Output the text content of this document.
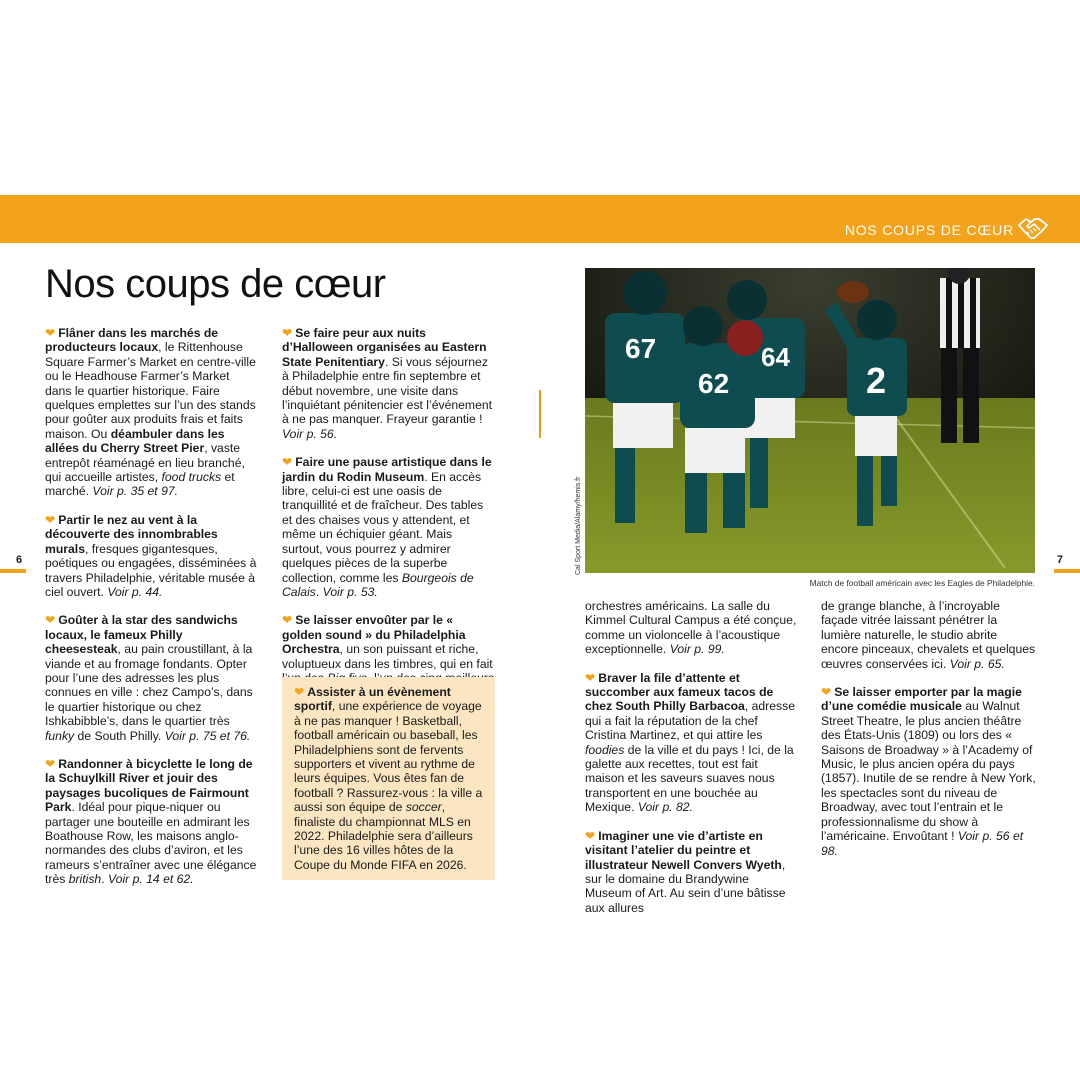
NOS COUPS DE CŒUR
6	7
Nos coups de cœur

❤ Flâner dans les marchés de producteurs locaux, le Rittenhouse Square Farmer’s Market en centre-ville ou le Headhouse Farmer’s Market dans le quartier historique. Faire quelques emplettes sur l’un des stands pour goûter aux produits frais et faits maison. Ou déambuler dans les allées du Cherry Street Pier, vaste entrepôt réaménagé en lieu branché, qui accueille artistes, food trucks et marché. Voir p. 35 et 97.

❤ Partir le nez au vent à la découverte des innombrables murals, fresques gigantesques, poétiques ou engagées, disséminées à travers Philadelphie, véritable musée à ciel ouvert. Voir p. 44.

❤ Goûter à la star des sandwichs locaux, le fameux Philly cheesesteak, au pain croustillant, à la viande et au fromage fondants. Opter pour l’une des adresses les plus connues en ville : chez Campo’s, dans le quartier historique ou chez Ishkabibble’s, dans le quartier très funky de South Philly. Voir p. 75 et 76.

❤ Randonner à bicyclette le long de la Schuylkill River et jouir des paysages bucoliques de Fairmount Park. Idéal pour pique-niquer ou partager une bouteille en admirant les Boathouse Row, les maisons anglo-normandes des clubs d’aviron, et les rameurs s’entraîner avec une élégance très british. Voir p. 14 et 62.

❤ Se faire peur aux nuits d’Halloween organisées au Eastern State Penitentiary. Si vous séjournez à Philadelphie entre fin septembre et début novembre, une visite dans l’inquiétant pénitencier est l’événement à ne pas manquer. Frayeur garantie ! Voir p. 56.

❤ Faire une pause artistique dans le jardin du Rodin Museum. En accès libre, celui-ci est une oasis de tranquillité et de fraîcheur. Des tables et des chaises vous y attendent, et même un échiquier géant. Mais surtout, vous pourrez y admirer quelques pièces de la superbe collection, comme les Bourgeois de Calais. Voir p. 53.

❤ Se laisser envoûter par le « golden sound » du Philadelphia Orchestra, un son puissant et riche, voluptueux dans les timbres, qui en fait

❤ Assister à un évènement sportif, une expérience de voyage à ne pas manquer ! Basketball, football américain ou baseball, les Philadelphiens sont de fervents supporters et vivent au rythme de leurs équipes. Vous êtes fan de football ? Rassurez-vous : la ville a aussi son équipe de soccer, finaliste du championnat MLS en 2022. Philadelphie sera d’ailleurs l’une des 16 villes hôtes de la Coupe du Monde FIFA en 2026.
2
64
67
62
Cal Sport Media/Alamy/hemis.fr
Match de football américain avec les Eagles de Philadelphie.

orchestres américains. La salle du Kimmel Cultural Campus a été conçue, comme un violoncelle à l’acoustique exceptionnelle. Voir p. 99.

❤ Braver la file d’attente et succomber aux fameux tacos de chez South Philly Barbacoa, adresse qui a fait la réputation de la chef Cristina Martinez, et qui attire les foodies de la ville et du pays ! Ici, de la galette aux recettes, tout est fait maison et les saveurs suaves nous transportent en une bouchée au Mexique. Voir p. 82.

❤ Imaginer une vie d’artiste en visitant l’atelier du peintre et illustrateur Newell Convers Wyeth, sur le domaine du Brandywine Museum of Art. Au sein d’une bâtisse aux allures

de grange blanche, à l’incroyable façade vitrée laissant pénétrer la lumière naturelle, le studio abrite encore pinceaux, chevalets et quelques œuvres conservées ici. Voir p. 65.

❤ Se laisser emporter par la magie d’une comédie musicale au Walnut Street Theatre, le plus ancien théâtre des États-Unis (1809) ou lors des « Saisons de Broadway » à l’Academy of Music, le plus ancien opéra du pays (1857). Inutile de se rendre à New York, les spectacles sont du niveau de Broadway, avec tout l’entrain et le professionnalisme du show à l’américaine. Envoûtant ! Voir p. 56 et 98.
